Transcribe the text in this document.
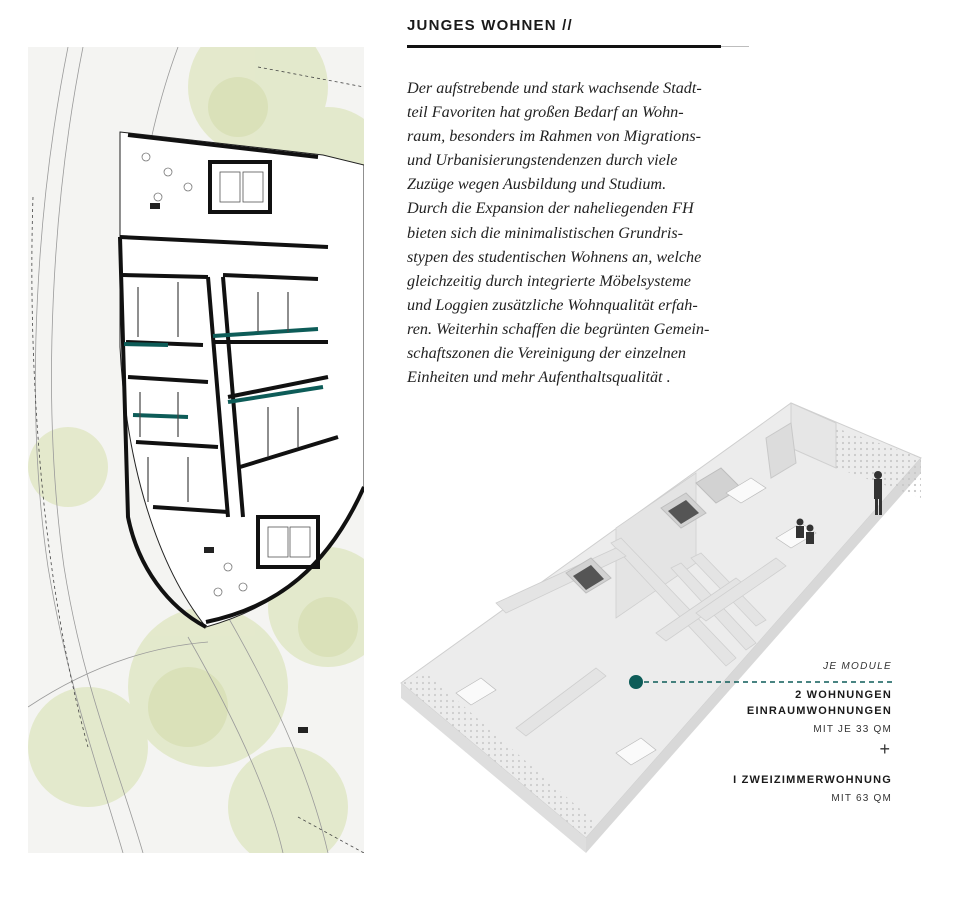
JUNGES WOHNEN //
Der aufstrebende und stark wachsende Stadt-
teil Favoriten hat großen Bedarf an Wohn-
raum, besonders im Rahmen von Migrations-
und Urbanisierungstendenzen durch viele
Zuzüge wegen Ausbildung und Studium.
Durch die Expansion der naheliegenden FH
bieten sich die minimalistischen Grundris-
stypen des studentischen Wohnens an, welche
gleichzeitig durch integrierte Möbelsysteme
und Loggien zusätzliche Wohnqualität erfah-
ren. Weiterhin schaffen die begrünten Gemein-
schaftszonen die Vereinigung der einzelnen
Einheiten und mehr Aufenthaltsqualität .
JE MODULE
2 WOHNUNGEN
EINRAUMWOHNUNGEN
MIT JE 33 QM
+
I ZWEIZIMMERWOHNUNG
MIT 63 QM
